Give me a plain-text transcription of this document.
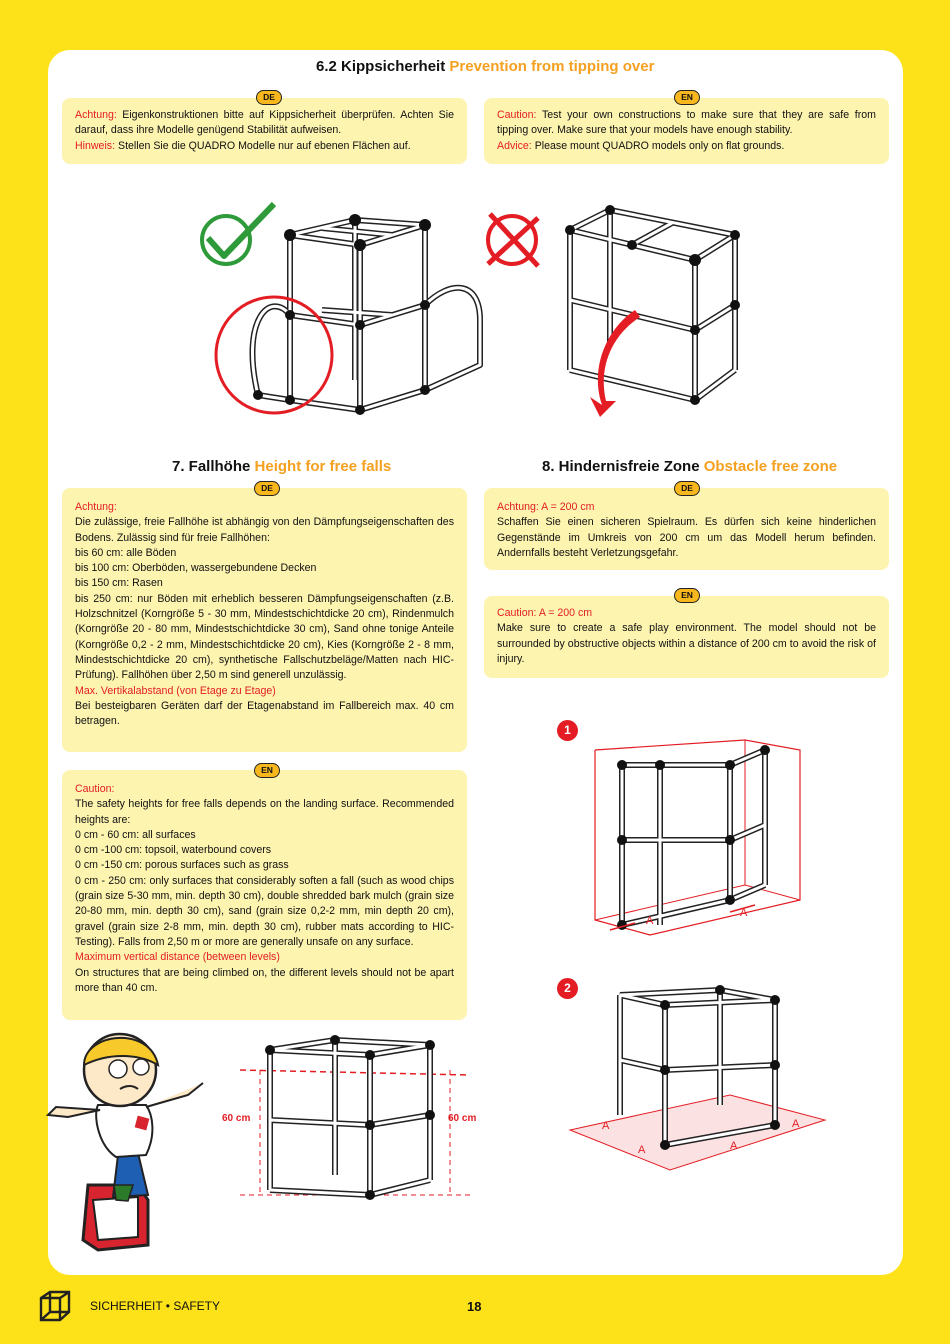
6.2 Kippsicherheit Prevention from tipping over

Achtung: Eigenkonstruktionen bitte auf Kippsicherheit überprüfen. Achten Sie darauf, dass ihre Modelle genügend Stabilität aufweisen.

Hinweis: Stellen Sie die QUADRO Modelle nur auf ebenen Flächen auf.

DE

Caution: Test your own constructions to make sure that they are safe from tipping over. Make sure that your models have enough stability.

Advice: Please mount QUADRO models only on flat grounds.

EN
7. Fallhöhe Height for free falls

Achtung:

Die zulässige, freie Fallhöhe ist abhängig von den Dämpfungseigenschaften des Bodens. Zulässig sind für freie Fallhöhen:

bis 60 cm: alle Böden

bis 100 cm: Oberböden, wassergebundene Decken

bis 150 cm: Rasen

bis 250 cm: nur Böden mit erheblich besseren Dämpfungseigenschaften (z.B. Holzschnitzel (Korngröße 5 - 30 mm, Mindestschichtdicke 20 cm), Rindenmulch (Korngröße 20 - 80 mm, Mindestschichtdicke 30 cm), Sand ohne tonige Anteile (Korngröße 0,2 - 2 mm, Mindestschichtdicke 20 cm), Kies (Korngröße 2 - 8 mm, Mindestschichtdicke 20 cm), synthetische Fallschutzbeläge/Matten nach HIC-Prüfung). Fallhöhen über 2,50 m sind generell unzulässig.

Max. Vertikalabstand (von Etage zu Etage)

Bei besteigbaren Geräten darf der Etagenabstand im Fallbereich max. 40 cm betragen.

DE

Caution:

The safety heights for free falls depends on the landing surface. Recommended heights are:

0 cm - 60 cm: all surfaces

0 cm -100 cm: topsoil, waterbound covers

0 cm -150 cm: porous surfaces such as grass

0 cm - 250 cm: only surfaces that considerably soften a fall (such as wood chips (grain size 5-30 mm, min. depth 30 cm), double shredded bark mulch (grain size 20-80 mm, min. depth 30 cm), sand (grain size 0,2-2 mm, min depth 20 cm), gravel (grain size 2-8 mm, min. depth 30 cm), rubber mats according to HIC-Testing). Falls from 2,50 m or more are generally unsafe on any surface.

Maximum vertical distance (between levels)

On structures that are being climbed on, the different levels should not be apart more than 40 cm.

EN
8. Hindernisfreie Zone Obstacle free zone

Achtung: A = 200 cm

Schaffen Sie einen sicheren Spielraum. Es dürfen sich keine hinderlichen Gegenstände im Umkreis von 200 cm um das Modell herum befinden. Andernfalls besteht Verletzungsgefahr.

DE

Caution: A = 200 cm

Make sure to create a safe play environment. The model should not be surrounded by obstructive objects within a distance of 200 cm to avoid the risk of injury.

EN
1
A
A
2
A
A	A
A
60 cm	60 cm
SICHERHEIT • SAFETY	18
